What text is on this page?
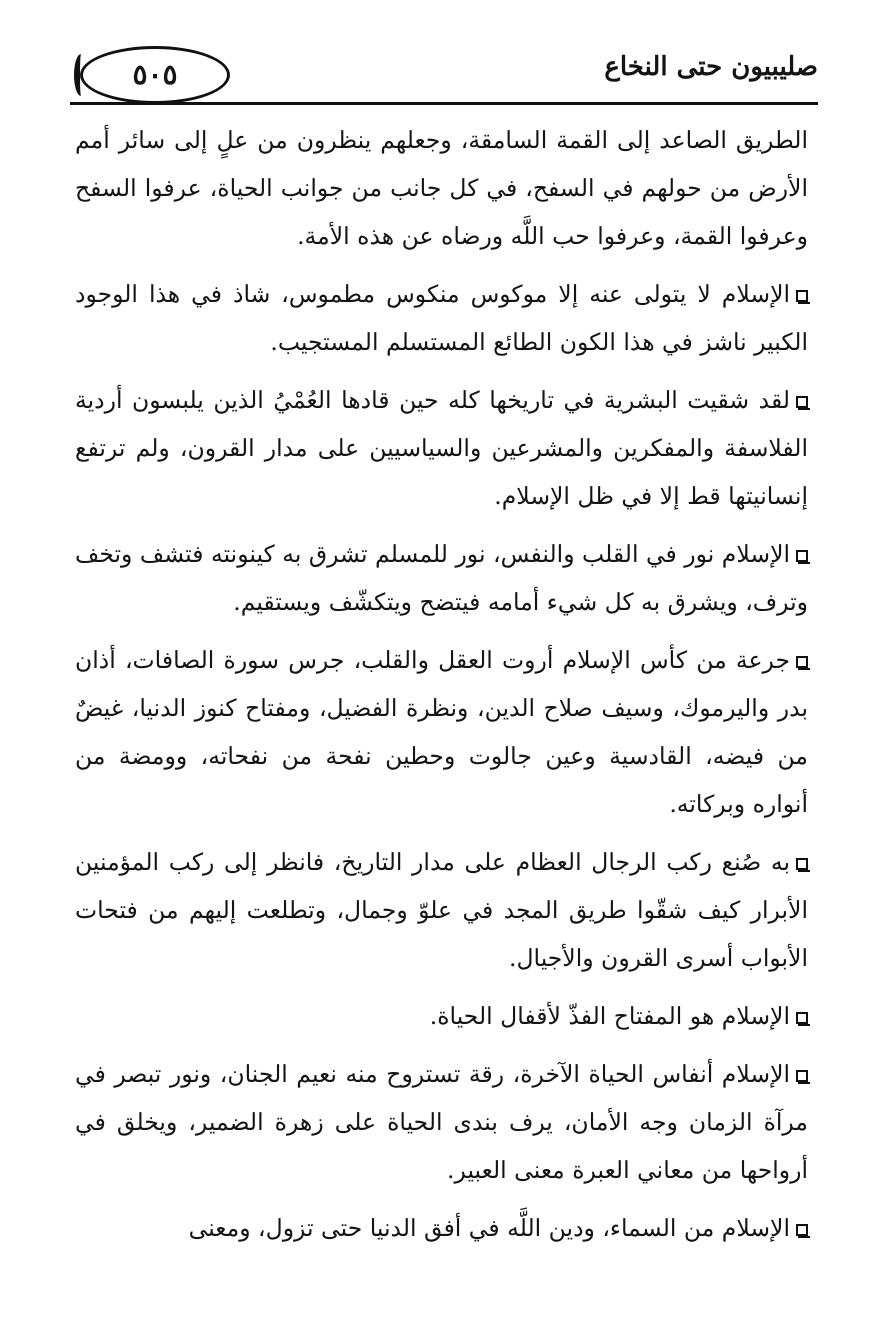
٥٠٥	صليبيون حتى النخاع

الطريق الصاعد إلى القمة السامقة، وجعلهم ينظرون من علٍ إلى سائر أمم الأرض من حولهم في السفح، في كل جانب من جوانب الحياة، عرفوا السفح وعرفوا القمة، وعرفوا حب اللَّه ورضاه عن هذه الأمة.

الإسلام لا يتولى عنه إلا موكوس منكوس مطموس، شاذ في هذا الوجود الكبير ناشز في هذا الكون الطائع المستسلم المستجيب.

لقد شقيت البشرية في تاريخها كله حين قادها العُمْيُ الذين يلبسون أردية الفلاسفة والمفكرين والمشرعين والسياسيين على مدار القرون، ولم ترتفع إنسانيتها قط إلا في ظل الإسلام.

الإسلام نور في القلب والنفس، نور للمسلم تشرق به كينونته فتشف وتخف وترف، ويشرق به كل شيء أمامه فيتضح ويتكشّف ويستقيم.

جرعة من كأس الإسلام أروت العقل والقلب، جرس سورة الصافات، أذان بدر واليرموك، وسيف صلاح الدين، ونظرة الفضيل، ومفتاح كنوز الدنيا، غيضٌ من فيضه، القادسية وعين جالوت وحطين نفحة من نفحاته، وومضة من أنواره وبركاته.

به صُنع ركب الرجال العظام على مدار التاريخ، فانظر إلى ركب المؤمنين الأبرار كيف شقّوا طريق المجد في علوّ وجمال، وتطلعت إليهم من فتحات الأبواب أسرى القرون والأجيال.

الإسلام هو المفتاح الفذّ لأقفال الحياة.

الإسلام أنفاس الحياة الآخرة، رقة تستروح منه نعيم الجنان، ونور تبصر في مرآة الزمان وجه الأمان، يرف بندى الحياة على زهرة الضمير، ويخلق في أرواحها من معاني العبرة معنى العبير.

الإسلام من السماء، ودين اللَّه في أفق الدنيا حتى تزول، ومعنى
